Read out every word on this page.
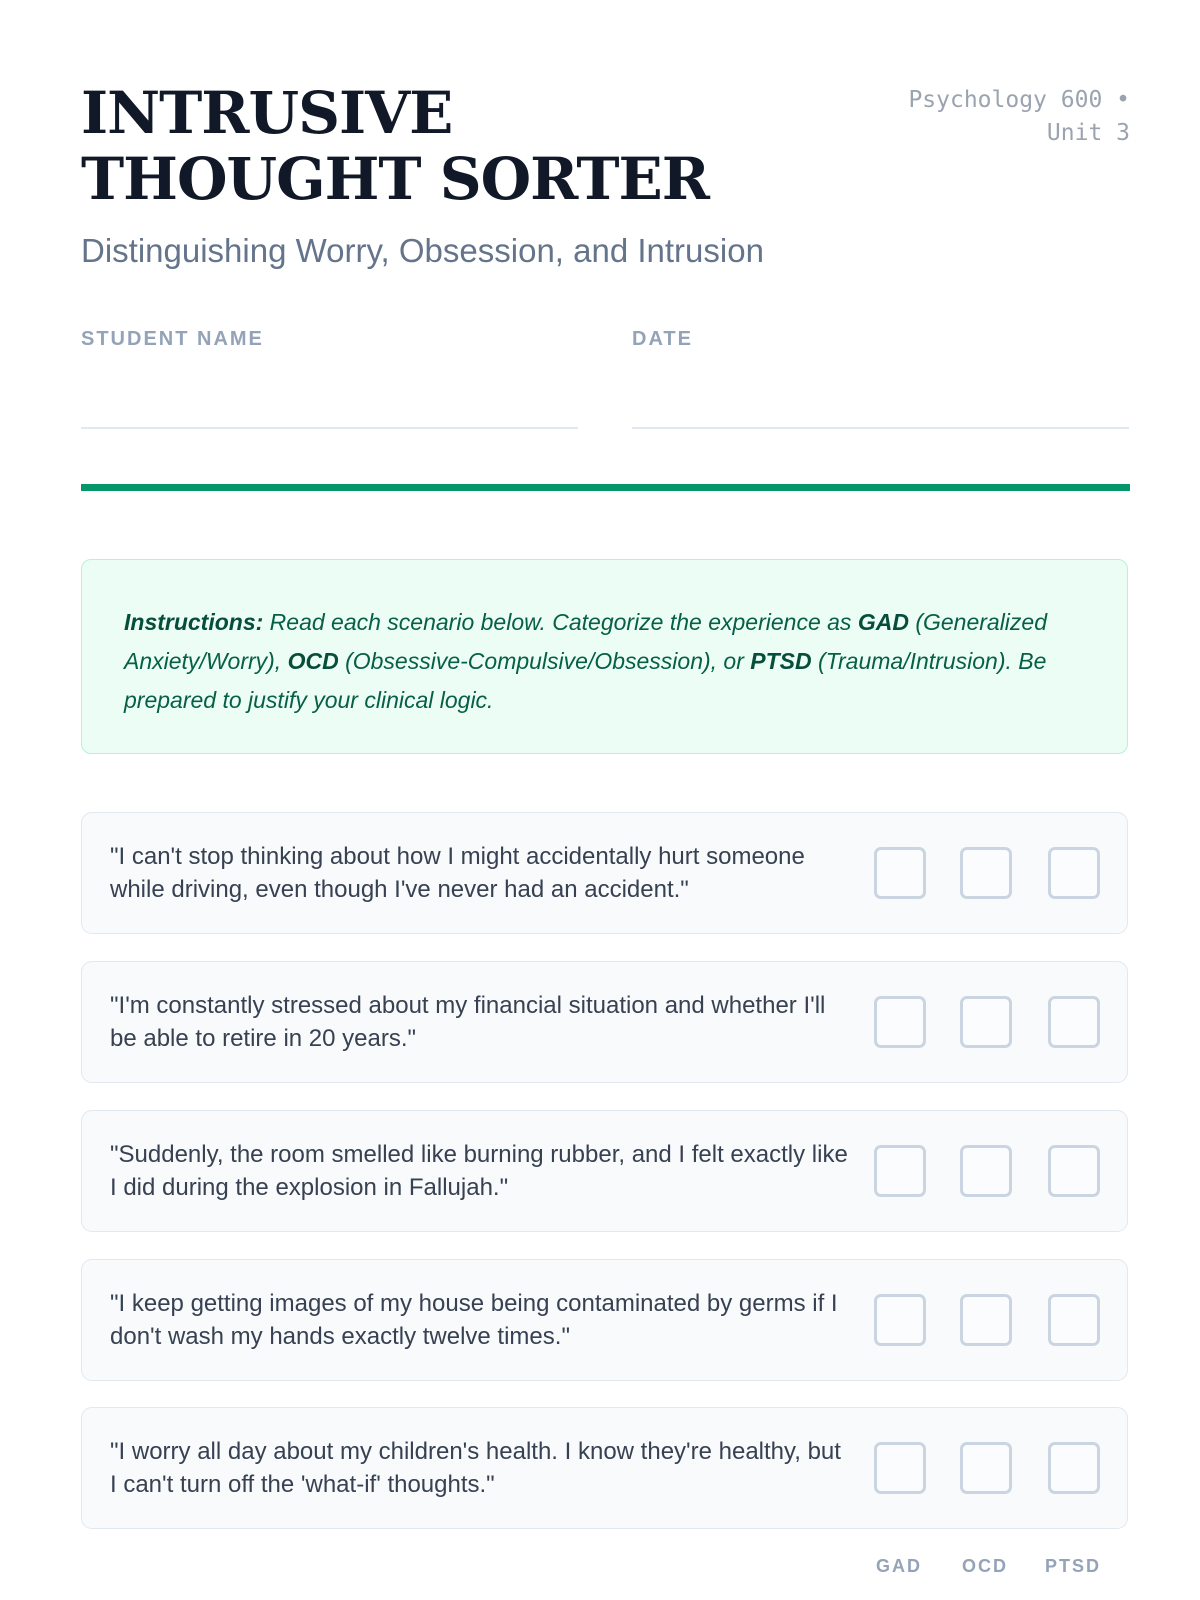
INTRUSIVE THOUGHT SORTER
Psychology 600 • Unit 3

Distinguishing Worry, Obsession, and Intrusion

STUDENT NAME	DATE
Instructions: Read each scenario below. Categorize the experience as GAD (Generalized Anxiety/Worry), OCD (Obsessive-Compulsive/Obsession), or PTSD (Trauma/Intrusion). Be prepared to justify your clinical logic.
"I can't stop thinking about how I might accidentally hurt someone while driving, even though I've never had an accident."
"I'm constantly stressed about my financial situation and whether I'll be able to retire in 20 years."
"Suddenly, the room smelled like burning rubber, and I felt exactly like I did during the explosion in Fallujah."
"I keep getting images of my house being contaminated by germs if I don't wash my hands exactly twelve times."
"I worry all day about my children's health. I know they're healthy, but I can't turn off the 'what-if' thoughts."
GAD	OCD	PTSD
